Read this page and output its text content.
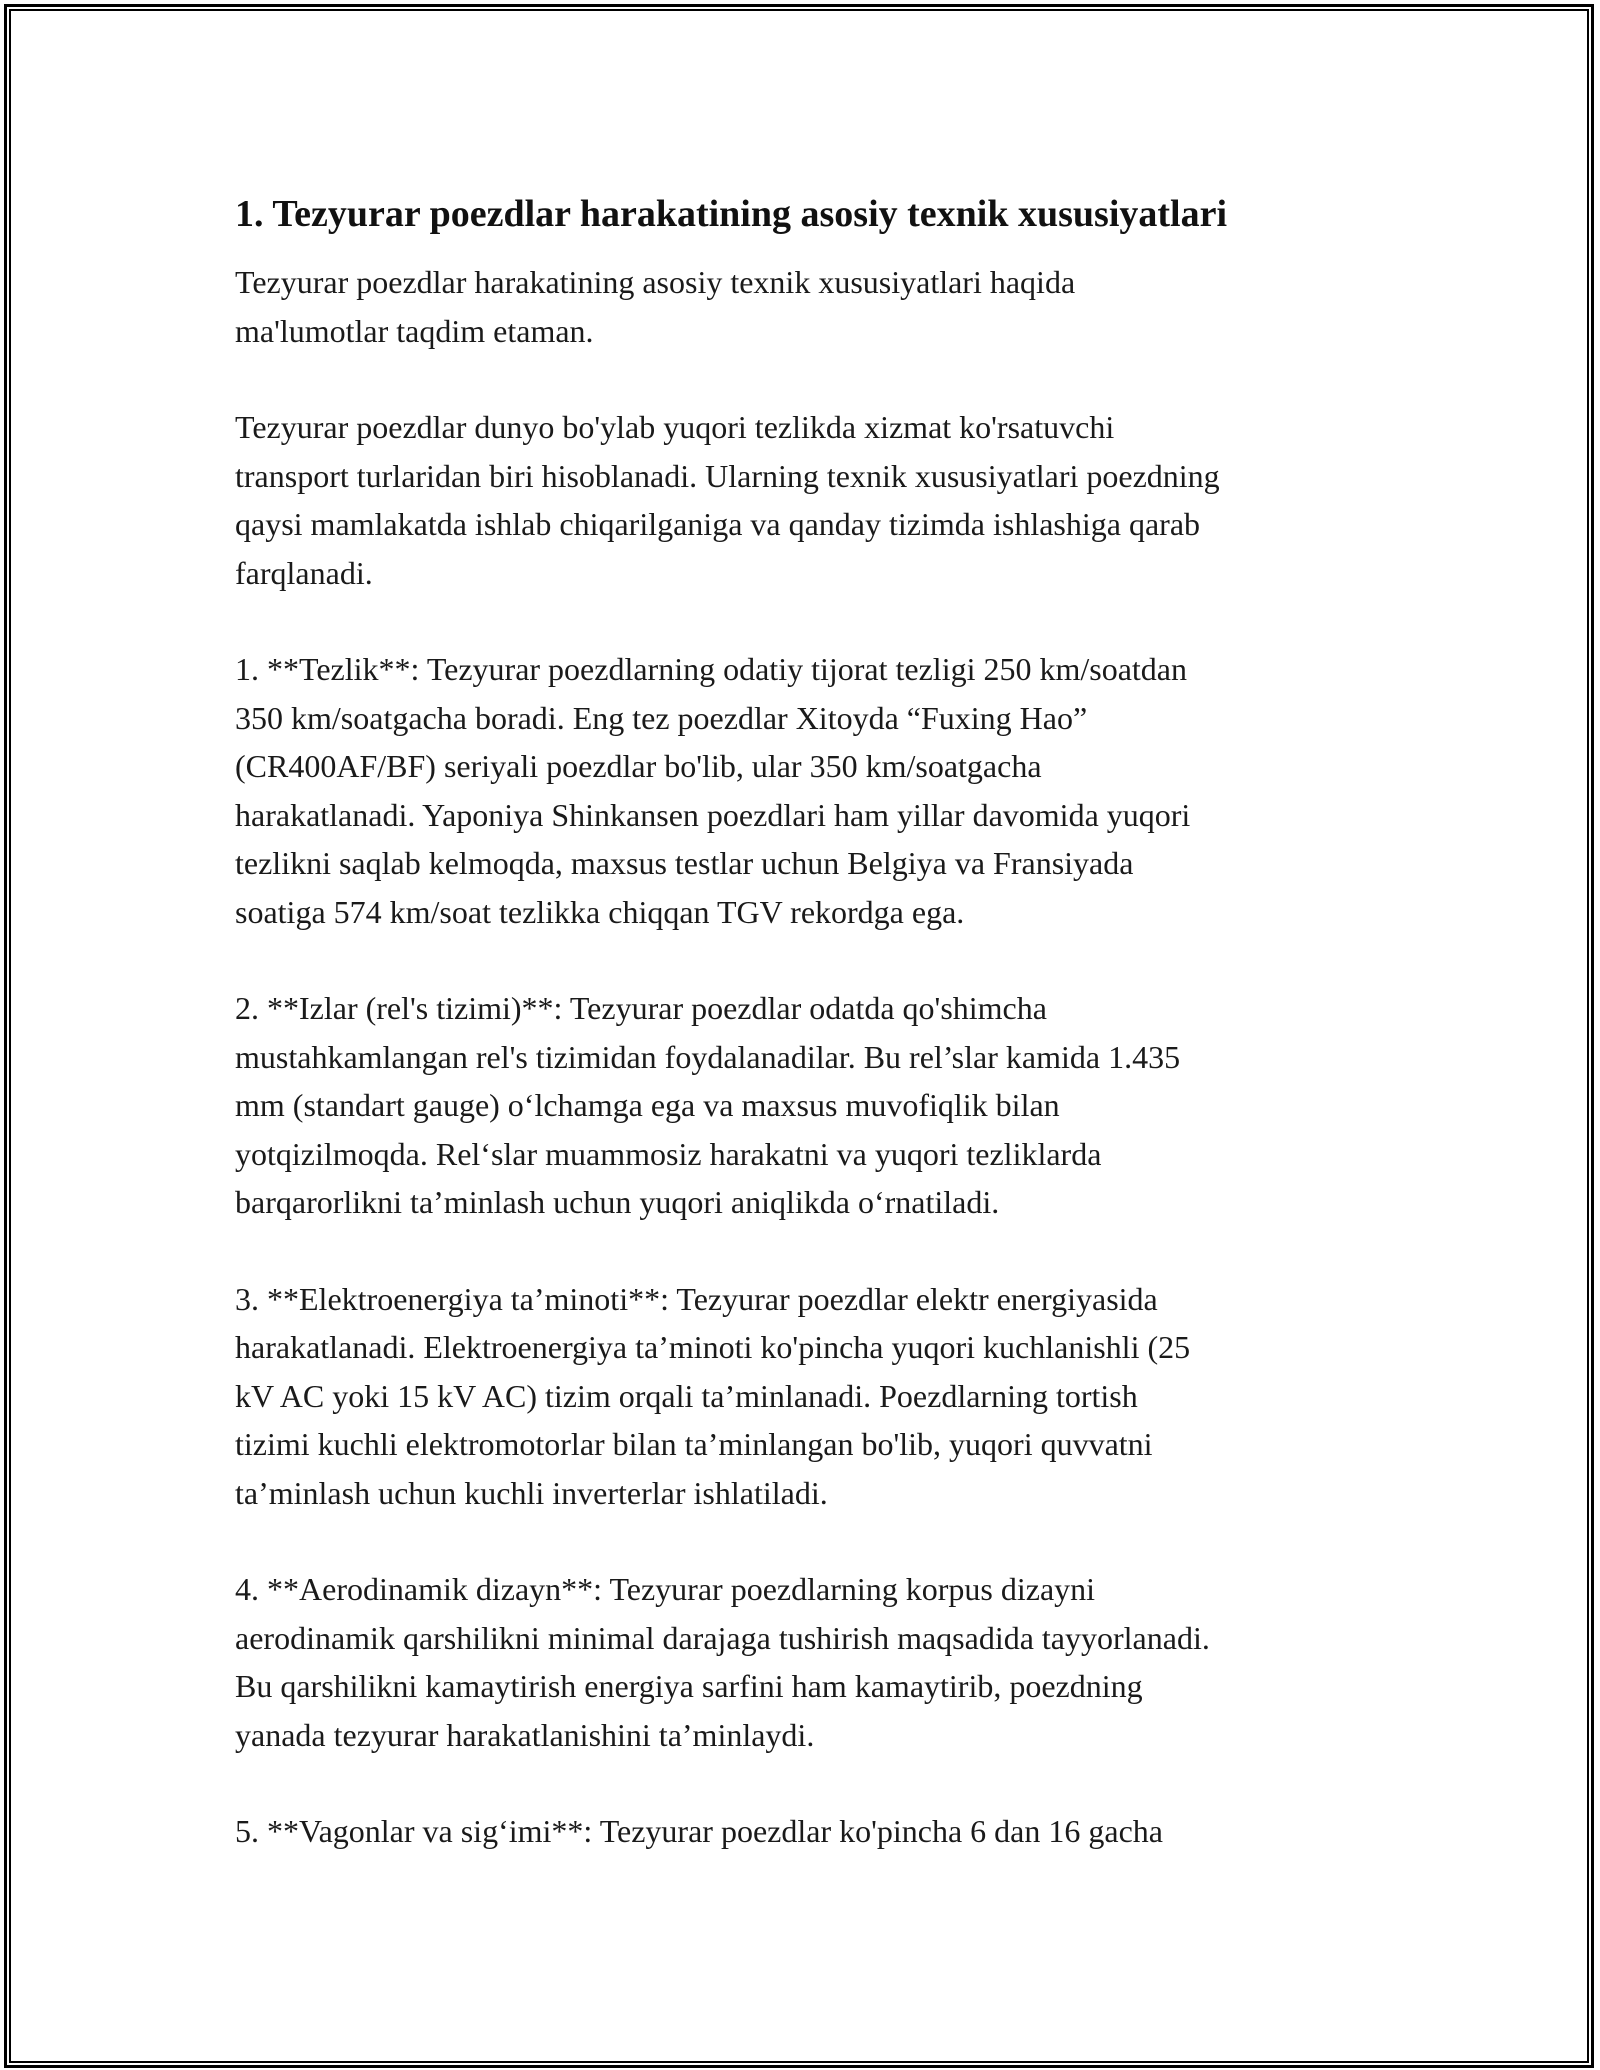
1. Tezyurar poezdlar harakatining asosiy texnik xususiyatlari

Tezyurar poezdlar harakatining asosiy texnik xususiyatlari haqida
ma'lumotlar taqdim etaman.

Tezyurar poezdlar dunyo bo'ylab yuqori tezlikda xizmat ko'rsatuvchi
transport turlaridan biri hisoblanadi. Ularning texnik xususiyatlari poezdning
qaysi mamlakatda ishlab chiqarilganiga va qanday tizimda ishlashiga qarab
farqlanadi.

1. **Tezlik**: Tezyurar poezdlarning odatiy tijorat tezligi 250 km/soatdan
350 km/soatgacha boradi. Eng tez poezdlar Xitoyda “Fuxing Hao”
(CR400AF/BF) seriyali poezdlar bo'lib, ular 350 km/soatgacha
harakatlanadi. Yaponiya Shinkansen poezdlari ham yillar davomida yuqori
tezlikni saqlab kelmoqda, maxsus testlar uchun Belgiya va Fransiyada
soatiga 574 km/soat tezlikka chiqqan TGV rekordga ega.

2. **Izlar (rel's tizimi)**: Tezyurar poezdlar odatda qo'shimcha
mustahkamlangan rel's tizimidan foydalanadilar. Bu rel’slar kamida 1.435
mm (standart gauge) o‘lchamga ega va maxsus muvofiqlik bilan
yotqizilmoqda. Rel‘slar muammosiz harakatni va yuqori tezliklarda
barqarorlikni ta’minlash uchun yuqori aniqlikda o‘rnatiladi.

3. **Elektroenergiya ta’minoti**: Tezyurar poezdlar elektr energiyasida
harakatlanadi. Elektroenergiya ta’minoti ko'pincha yuqori kuchlanishli (25
kV AC yoki 15 kV AC) tizim orqali ta’minlanadi. Poezdlarning tortish
tizimi kuchli elektromotorlar bilan ta’minlangan bo'lib, yuqori quvvatni
ta’minlash uchun kuchli inverterlar ishlatiladi.

4. **Aerodinamik dizayn**: Tezyurar poezdlarning korpus dizayni
aerodinamik qarshilikni minimal darajaga tushirish maqsadida tayyorlanadi.
Bu qarshilikni kamaytirish energiya sarfini ham kamaytirib, poezdning
yanada tezyurar harakatlanishini ta’minlaydi.

5. **Vagonlar va sig‘imi**: Tezyurar poezdlar ko'pincha 6 dan 16 gacha
